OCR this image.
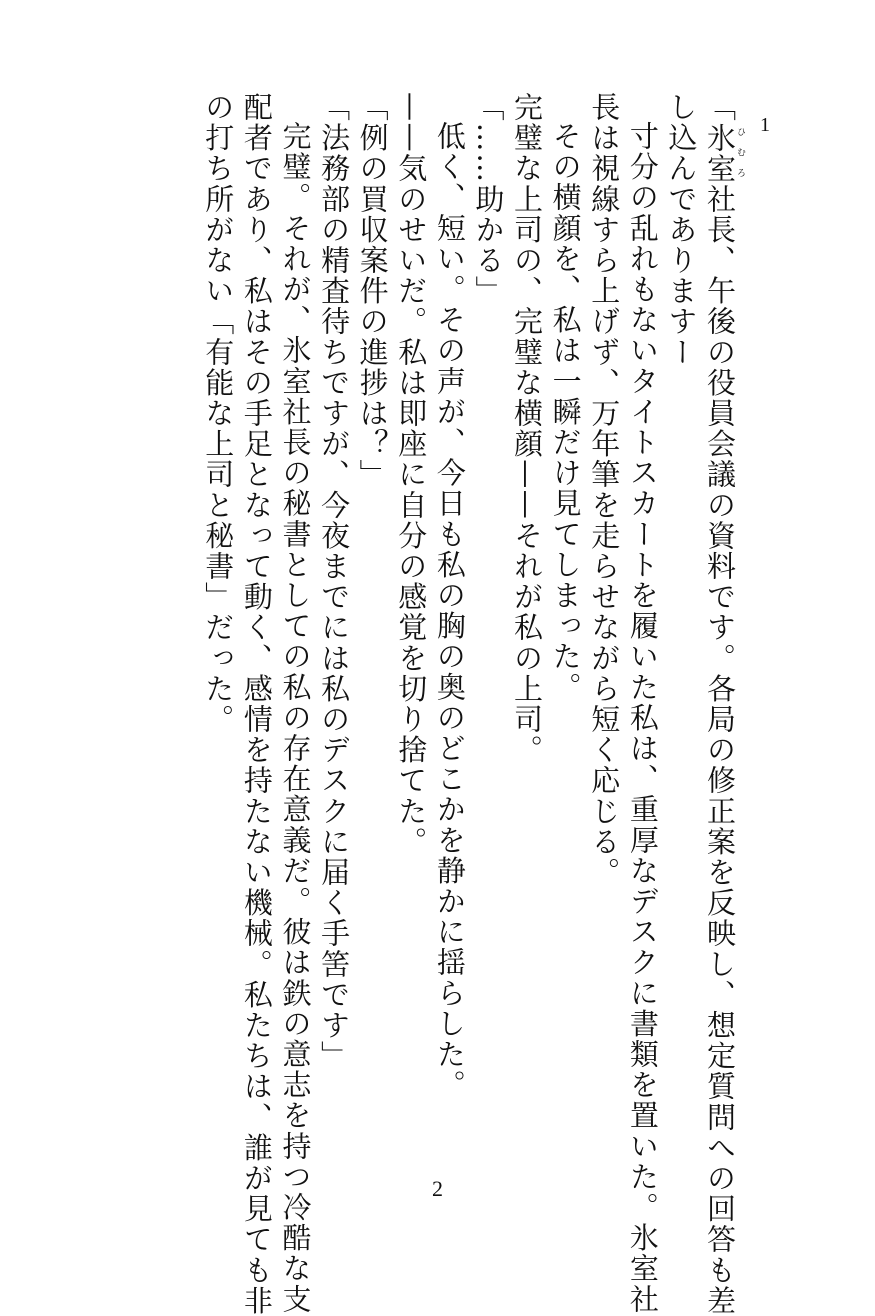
1
「氷室ひむろ社長、午後の役員会議の資料です。各局の修正案を反映し、想定質問への回答も差
し込んでありますー
寸分の乱れもないタイトスカートを履いた私は、重厚なデスクに書類を置いた。氷室社
長は視線すら上げず、万年筆を走らせながら短く応じる。
その横顔を、私は一瞬だけ見てしまった。
完璧な上司の、完璧な横顔——それが私の上司。
「……助かる」
低く、短い。その声が、今日も私の胸の奥のどこかを静かに揺らした。
——気のせいだ。私は即座に自分の感覚を切り捨てた。
「例の買収案件の進捗は？」
「法務部の精査待ちですが、今夜までには私のデスクに届く手筈です」
完璧。それが、氷室社長の秘書としての私の存在意義だ。彼は鉄の意志を持つ冷酷な支
配者であり、私はその手足となって動く、感情を持たない機械。私たちは、誰が見ても非
の打ち所がない「有能な上司と秘書」だった。
2
